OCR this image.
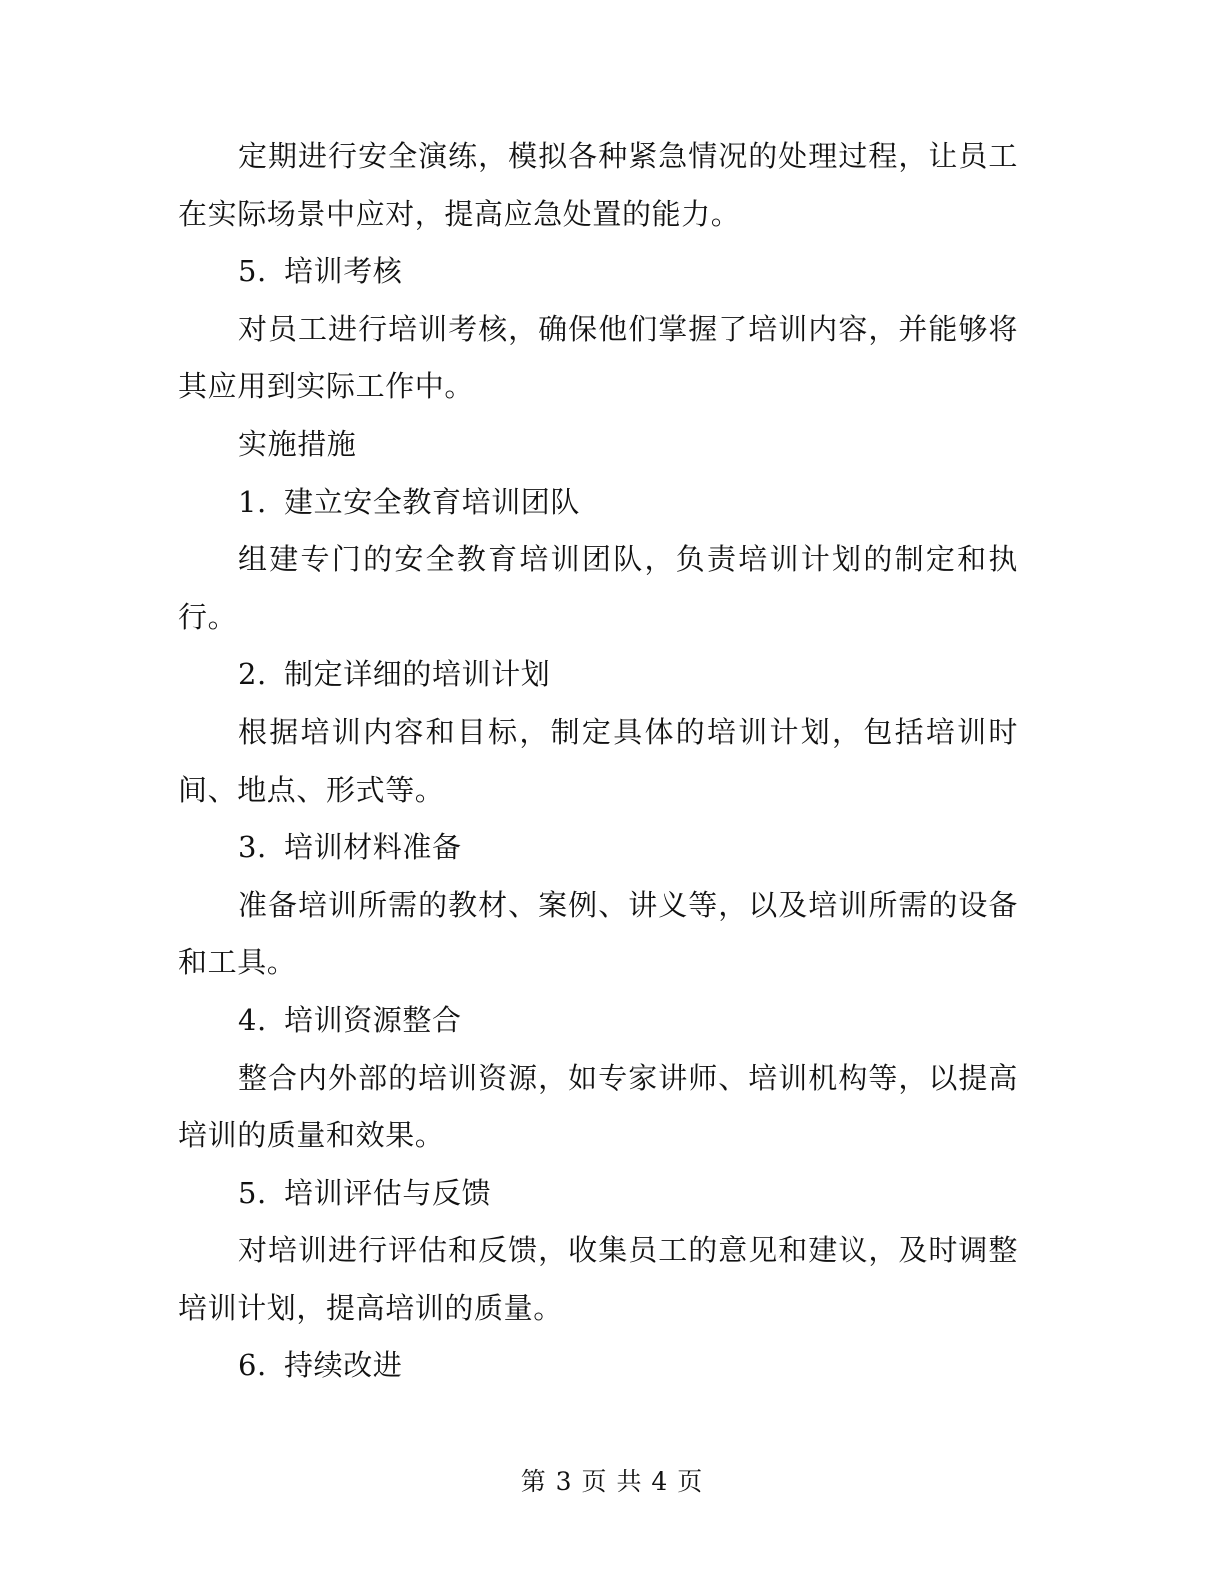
定期进行安全演练，模拟各种紧急情况的处理过程，让员工在实际场景中应对，提高应急处置的能力。

5. 培训考核

对员工进行培训考核，确保他们掌握了培训内容，并能够将其应用到实际工作中。

实施措施

1. 建立安全教育培训团队

组建专门的安全教育培训团队，负责培训计划的制定和执行。

2. 制定详细的培训计划

根据培训内容和目标，制定具体的培训计划，包括培训时间、地点、形式等。

3. 培训材料准备

准备培训所需的教材、案例、讲义等，以及培训所需的设备和工具。

4. 培训资源整合

整合内外部的培训资源，如专家讲师、培训机构等，以提高培训的质量和效果。

5. 培训评估与反馈

对培训进行评估和反馈，收集员工的意见和建议，及时调整培训计划，提高培训的质量。

6. 持续改进

第 3 页 共 4 页
